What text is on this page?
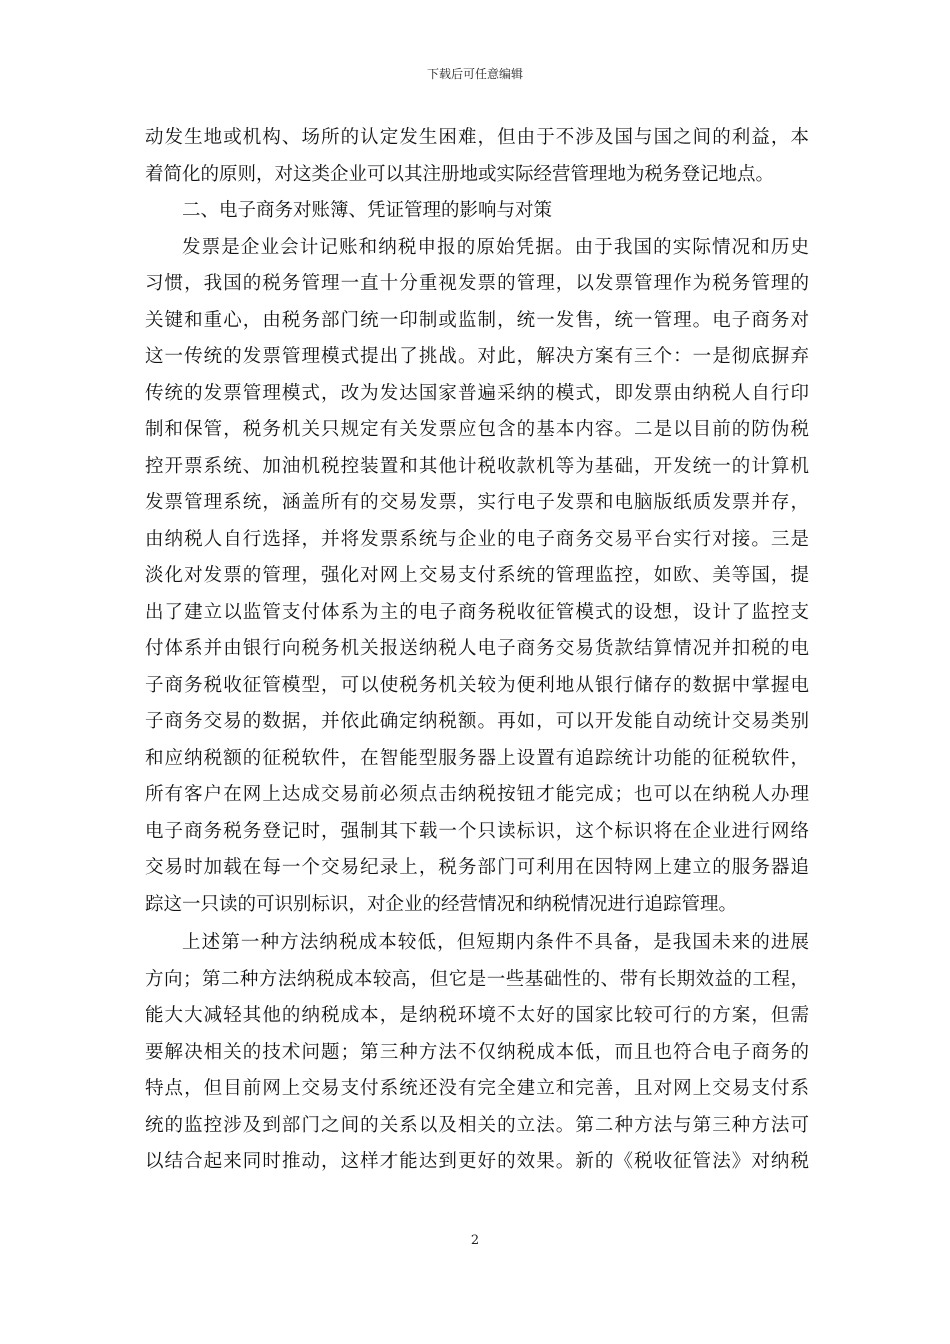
下载后可任意编辑
动发生地或机构、场所的认定发生困难，但由于不涉及国与国之间的利益，本
着简化的原则，对这类企业可以其注册地或实际经营管理地为税务登记地点。
二、电子商务对账簿、凭证管理的影响与对策
发票是企业会计记账和纳税申报的原始凭据。由于我国的实际情况和历史
习惯，我国的税务管理一直十分重视发票的管理，以发票管理作为税务管理的
关键和重心，由税务部门统一印制或监制，统一发售，统一管理。电子商务对
这一传统的发票管理模式提出了挑战。对此，解决方案有三个：一是彻底摒弃
传统的发票管理模式，改为发达国家普遍采纳的模式，即发票由纳税人自行印
制和保管，税务机关只规定有关发票应包含的基本内容。二是以目前的防伪税
控开票系统、加油机税控装置和其他计税收款机等为基础，开发统一的计算机
发票管理系统，涵盖所有的交易发票，实行电子发票和电脑版纸质发票并存，
由纳税人自行选择，并将发票系统与企业的电子商务交易平台实行对接。三是
淡化对发票的管理，强化对网上交易支付系统的管理监控，如欧、美等国，提
出了建立以监管支付体系为主的电子商务税收征管模式的设想，设计了监控支
付体系并由银行向税务机关报送纳税人电子商务交易货款结算情况并扣税的电
子商务税收征管模型，可以使税务机关较为便利地从银行储存的数据中掌握电
子商务交易的数据，并依此确定纳税额。再如，可以开发能自动统计交易类别
和应纳税额的征税软件，在智能型服务器上设置有追踪统计功能的征税软件，
所有客户在网上达成交易前必须点击纳税按钮才能完成；也可以在纳税人办理
电子商务税务登记时，强制其下载一个只读标识，这个标识将在企业进行网络
交易时加载在每一个交易纪录上，税务部门可利用在因特网上建立的服务器追
踪这一只读的可识别标识，对企业的经营情况和纳税情况进行追踪管理。
上述第一种方法纳税成本较低，但短期内条件不具备，是我国未来的进展
方向；第二种方法纳税成本较高，但它是一些基础性的、带有长期效益的工程，
能大大减轻其他的纳税成本，是纳税环境不太好的国家比较可行的方案，但需
要解决相关的技术问题；第三种方法不仅纳税成本低，而且也符合电子商务的
特点，但目前网上交易支付系统还没有完全建立和完善，且对网上交易支付系
统的监控涉及到部门之间的关系以及相关的立法。第二种方法与第三种方法可
以结合起来同时推动，这样才能达到更好的效果。新的《税收征管法》对纳税
2
